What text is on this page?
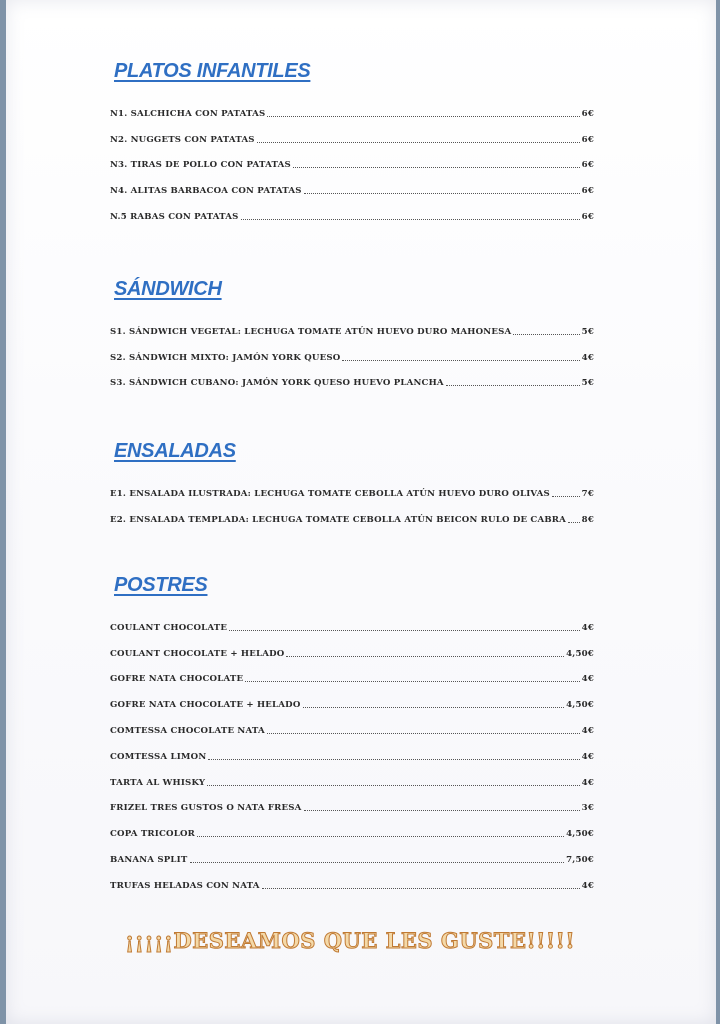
PLATOS INFANTILES
N1. SALCHICHA CON PATATAS	6€
N2. NUGGETS CON PATATAS	6€
N3. TIRAS DE POLLO CON PATATAS	6€
N4. ALITAS BARBACOA CON PATATAS	6€
N.5 RABAS CON PATATAS	6€
SÁNDWICH
S1. SÁNDWICH VEGETAL: LECHUGA TOMATE ATÚN HUEVO DURO MAHONESA	5€
S2. SÁNDWICH MIXTO: JAMÓN YORK QUESO	4€
S3. SÁNDWICH CUBANO: JAMÓN YORK QUESO HUEVO PLANCHA	5€
ENSALADAS
E1. ENSALADA ILUSTRADA: LECHUGA TOMATE CEBOLLA ATÚN HUEVO DURO OLIVAS	7€
E2. ENSALADA TEMPLADA: LECHUGA TOMATE CEBOLLA ATÚN BEICON RULO DE CABRA 8€
POSTRES
COULANT CHOCOLATE	4€
COULANT CHOCOLATE + HELADO	4,50€
GOFRE NATA CHOCOLATE	4€
GOFRE NATA CHOCOLATE + HELADO	4,50€
COMTESSA CHOCOLATE NATA	4€
COMTESSA LIMON	4€
TARTA AL WHISKY	4€
FRIZEL TRES GUSTOS O NATA FRESA	3€
COPA TRICOLOR	4,50€
BANANA SPLIT	7,50€
TRUFAS HELADAS CON NATA	4€
¡¡¡¡¡DESEAMOS QUE LES GUSTE!!!!!
